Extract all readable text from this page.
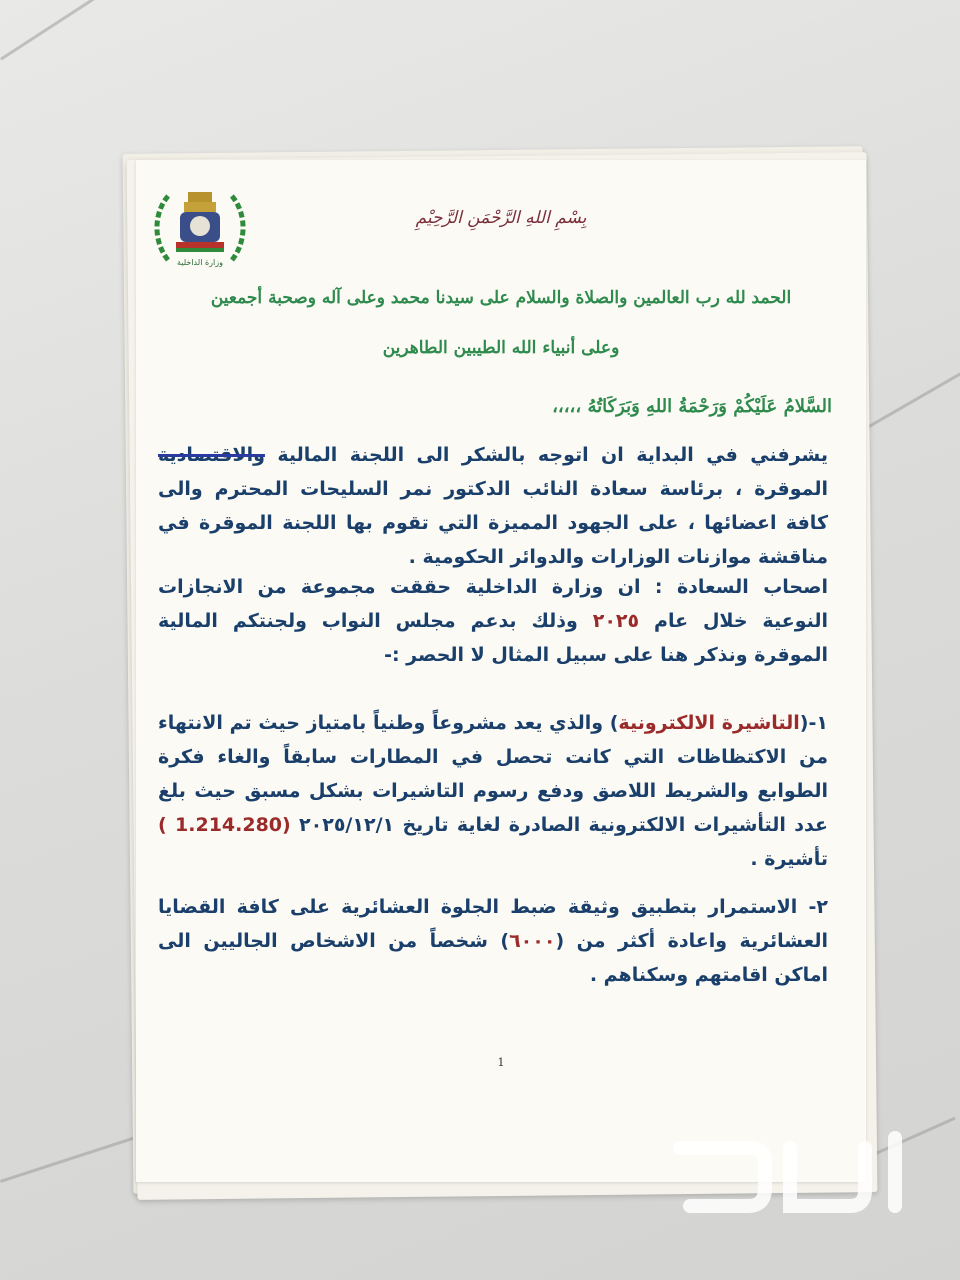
وزارة الداخلية
بِسْمِ اللهِ الرَّحْمَنِ الرَّحِيْمِ
الحمد لله رب العالمين والصلاة والسلام على سيدنا محمد وعلى آله وصحبة أجمعين
وعلى أنبياء الله الطيبين الطاهرين
السَّلامُ عَلَيْكُمْ وَرَحْمَةُ اللهِ وَبَرَكَاتُهُ ،،،،،
يشرفني في البداية ان اتوجه بالشكر الى اللجنة المالية والاقتصادية الموقرة ، برئاسة سعادة النائب الدكتور نمر السليحات المحترم والى كافة اعضائها ، على الجهود المميزة التي تقوم بها اللجنة الموقرة في مناقشة موازنات الوزارات والدوائر الحكومية .
اصحاب السعادة : ان وزارة الداخلية حققت مجموعة من الانجازات النوعية خلال عام ٢٠٢٥ وذلك بدعم مجلس النواب ولجنتكم المالية الموقرة ونذكر هنا على سبيل المثال لا الحصر :-
١-(التاشيرة الالكترونية) والذي يعد مشروعاً وطنياً بامتياز حيث تم الانتهاء من الاكتظاظات التي كانت تحصل في المطارات سابقاً والغاء فكرة الطوابع والشريط اللاصق ودفع رسوم التاشيرات بشكل مسبق حيث بلغ عدد التأشيرات الالكترونية الصادرة لغاية تاريخ ٢٠٢٥/١٢/١ (1.214.280 ) تأشيرة .
٢- الاستمرار بتطبيق وثيقة ضبط الجلوة العشائرية على كافة القضايا العشائرية واعادة أكثر من (٦٠٠٠) شخصاً من الاشخاص الجاليين الى اماكن اقامتهم وسكناهم .
1
